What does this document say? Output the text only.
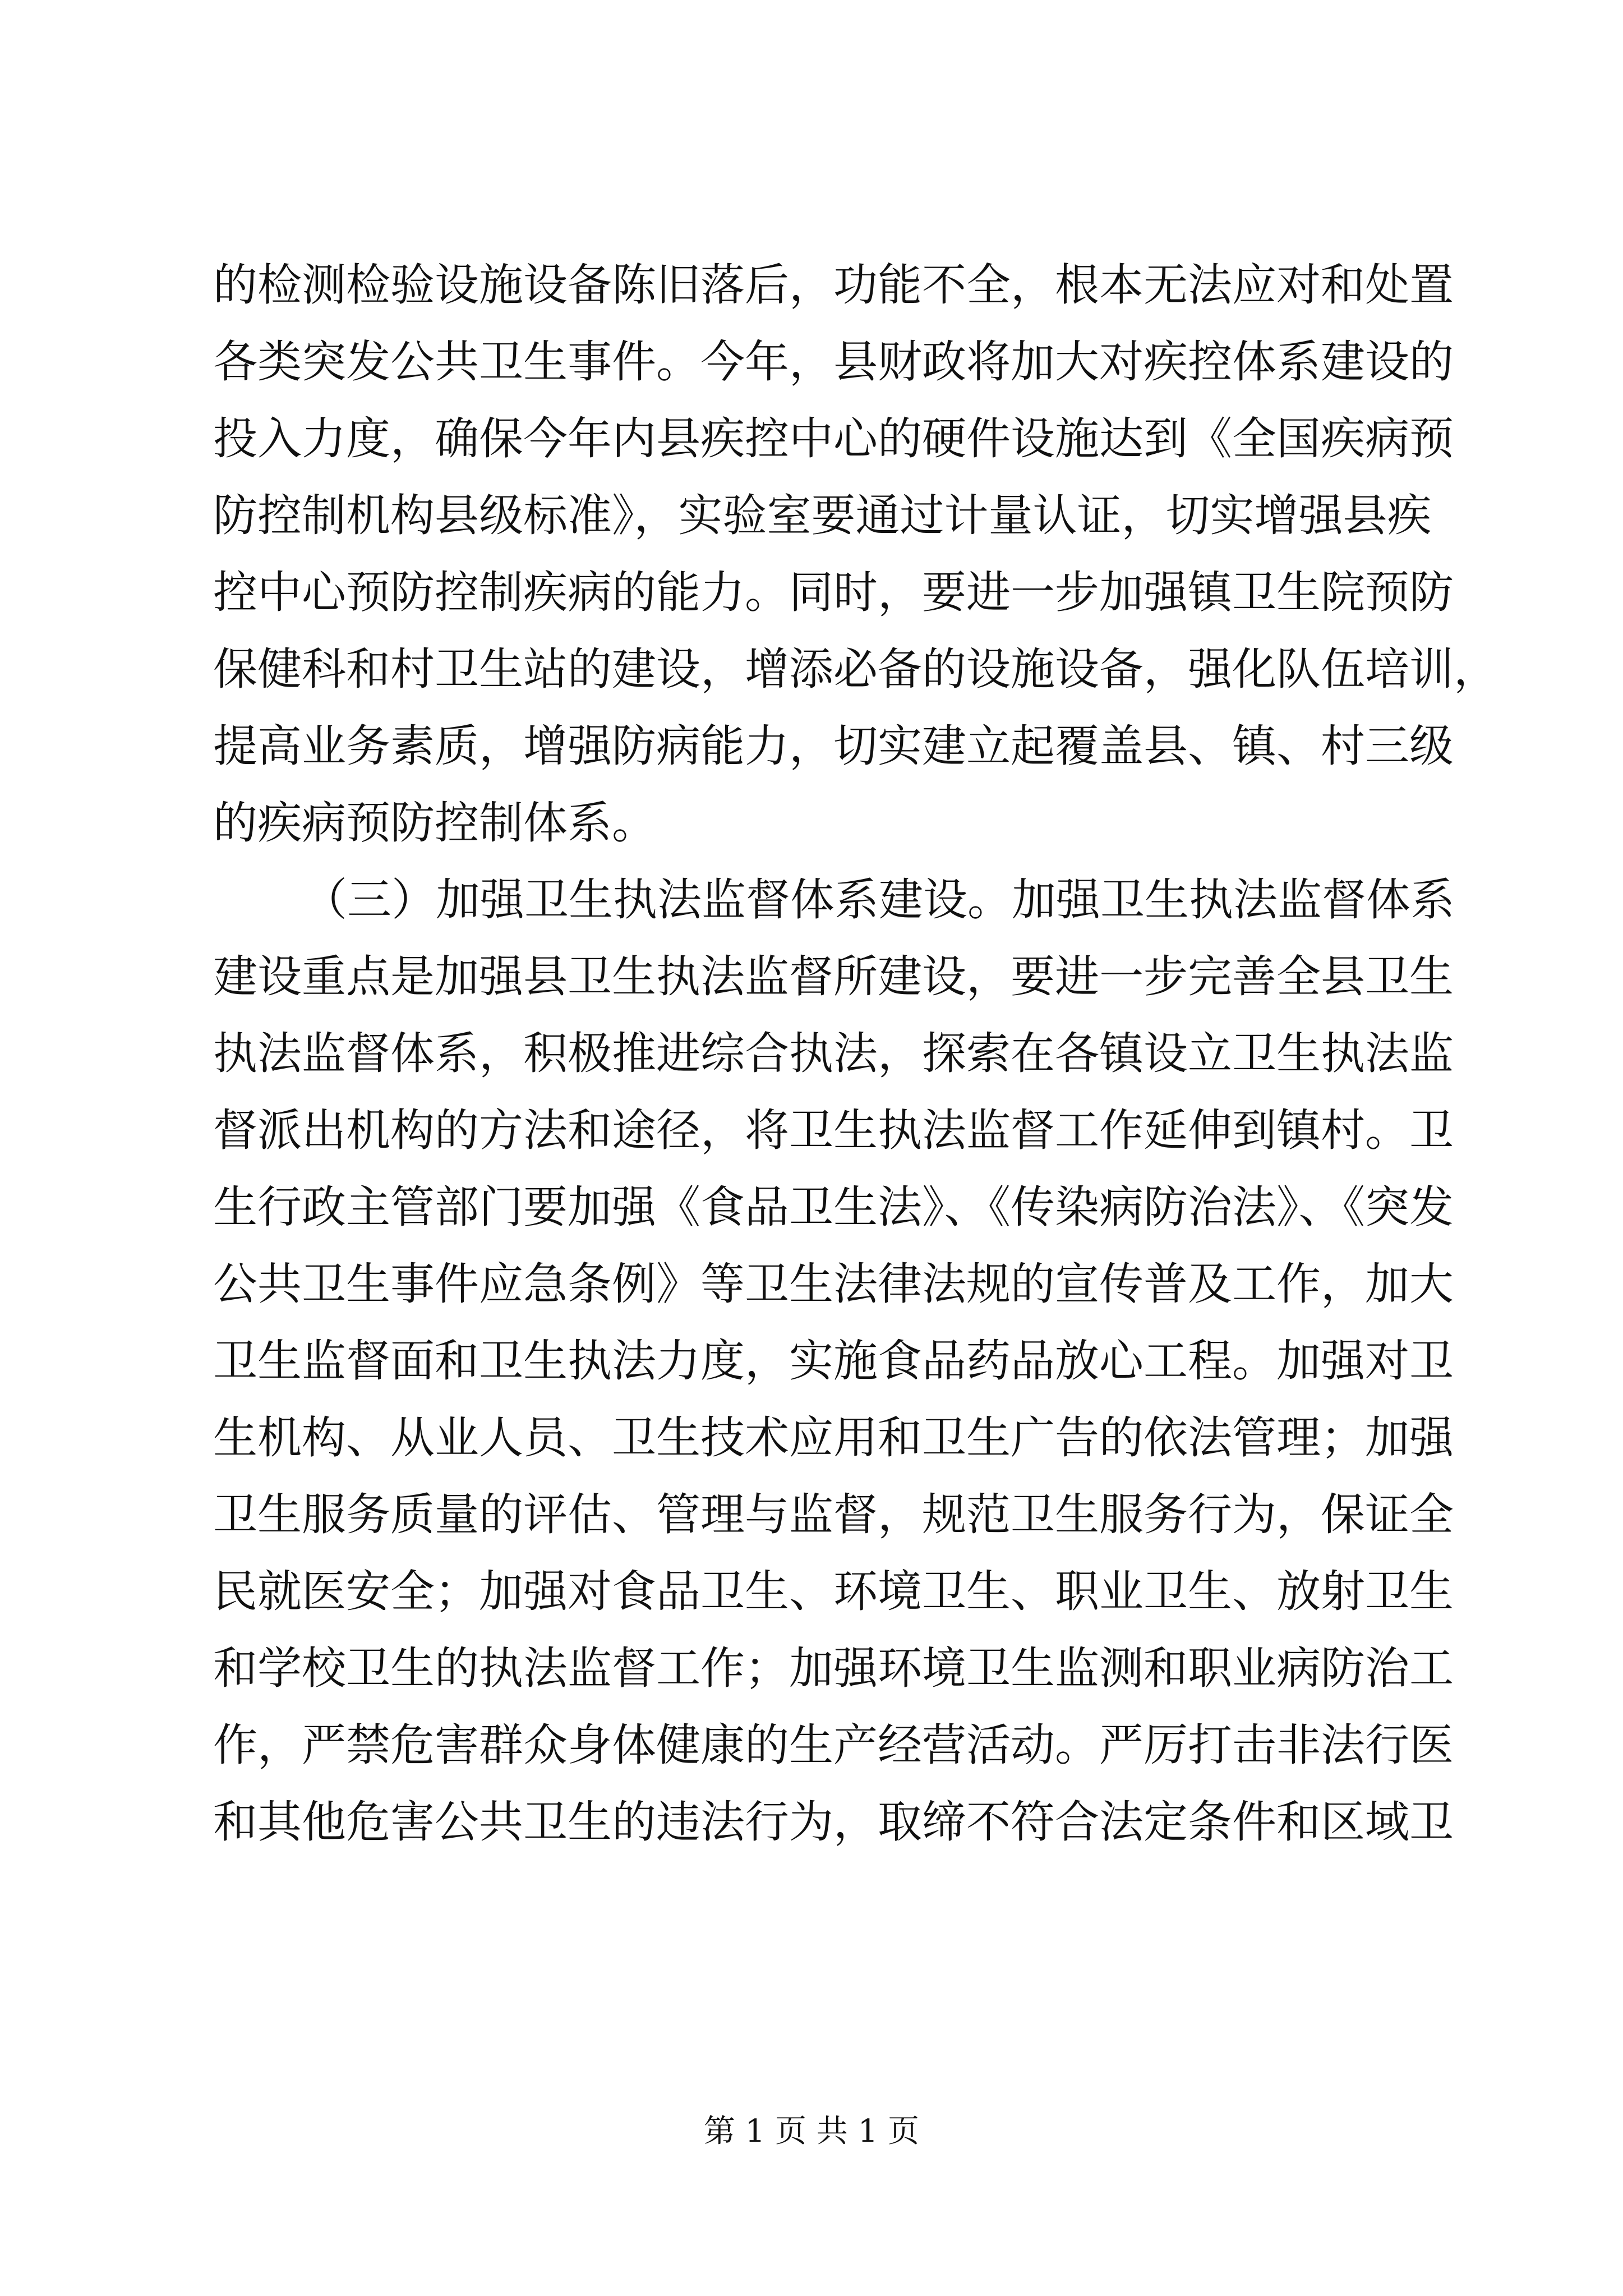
的检测检验设施设备陈旧落后，功能不全，根本无法应对和处置
各类突发公共卫生事件。今年，县财政将加大对疾控体系建设的
投入力度，确保今年内县疾控中心的硬件设施达到《全国疾病预
防控制机构县级标准》，实验室要通过计量认证，切实增强县疾
控中心预防控制疾病的能力。同时，要进一步加强镇卫生院预防
保健科和村卫生站的建设，增添必备的设施设备，强化队伍培训，
提高业务素质，增强防病能力，切实建立起覆盖县、镇、村三级
的疾病预防控制体系。
（三）加强卫生执法监督体系建设。加强卫生执法监督体系
建设重点是加强县卫生执法监督所建设，要进一步完善全县卫生
执法监督体系，积极推进综合执法，探索在各镇设立卫生执法监
督派出机构的方法和途径，将卫生执法监督工作延伸到镇村。卫
生行政主管部门要加强《食品卫生法》、《传染病防治法》、《突发
公共卫生事件应急条例》等卫生法律法规的宣传普及工作，加大
卫生监督面和卫生执法力度，实施食品药品放心工程。加强对卫
生机构、从业人员、卫生技术应用和卫生广告的依法管理；加强
卫生服务质量的评估、管理与监督，规范卫生服务行为，保证全
民就医安全；加强对食品卫生、环境卫生、职业卫生、放射卫生
和学校卫生的执法监督工作；加强环境卫生监测和职业病防治工
作，严禁危害群众身体健康的生产经营活动。严厉打击非法行医
和其他危害公共卫生的违法行为，取缔不符合法定条件和区域卫
第 1 页 共 1 页
